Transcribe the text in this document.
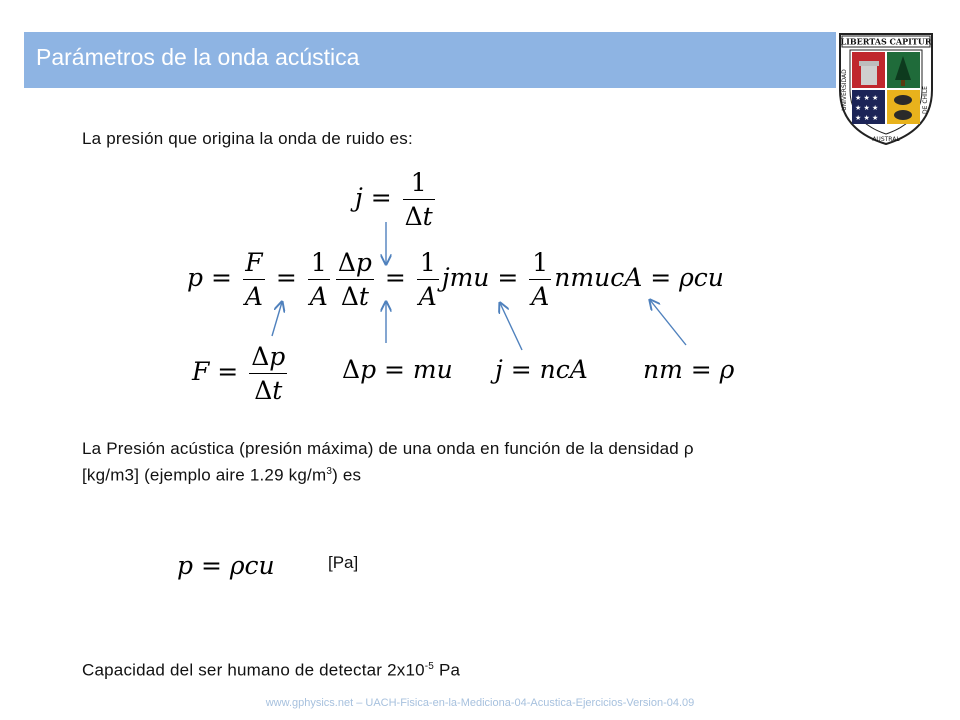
Parámetros de la onda acústica
LIBERTAS CAPITUR
★ ★ ★
★ ★ ★
★ ★ ★
UNIVERSIDAD
AUSTRAL
DE CHILE
La presión que origina la onda de ruido es:
$j = \frac{1}{\Delta t}$
$p = \frac{F}{A} = \frac{1}{A} \frac{\Delta p}{\Delta t} = \frac{1}{A}$ jmu = $\frac{1}{A}$ nmucA = ρcu
$F = \frac{\Delta p}{\Delta t}$ Δp = mu j = ncA nm = ρ
La Presión acústica (presión máxima) de una onda en función de la densidad ρ
[kg/m3] (ejemplo aire 1.29 $kg/m^3$) es
p = ρcu	[Pa]
Capacidad del ser humano de detectar $2x10^{-5}$ Pa
www.gphysics.net – UACH-Fisica-en-la-Mediciona-04-Acustica-Ejercicios-Version-04.09
